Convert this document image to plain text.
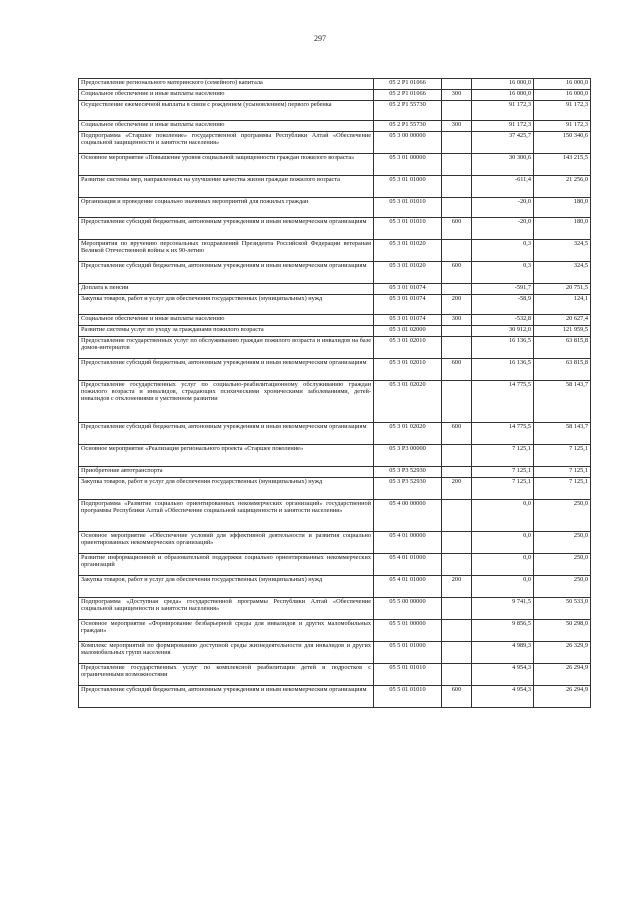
297
Предоставление регионального материнского (семейного) капитала	05 2 Р1 01066		16 000,0	16 000,0
Социальное обеспечение и иные выплаты населению	05 2 Р1 01066	300	16 000,0	16 000,0
Осуществление ежемесячной выплаты в связи с рождением (усыновлением) первого ребенка	05 2 Р1 55730		91 172,3	91 172,3
Социальное обеспечение и иные выплаты населению	05 2 Р1 55730	300	91 172,3	91 172,3
Подпрограмма «Старшее поколение» государственной программы Республики Алтай «Обеспечение социальной защищенности и занятости населения»	05 3 00 00000		37 425,7	150 340,6
Основное мероприятие «Повышение уровня социальной защищенности граждан пожилого возраста»	05 3 01 00000		30 300,6	143 215,5
Развитие системы мер, направленных на улучшение качества жизни граждан пожилого возраста	05 3 01 01000		-611,4	21 256,0
Организация и проведение социально значимых мероприятий для пожилых граждан	05 3 01 01010		-20,0	180,0
Предоставление субсидий бюджетным, автономным учреждениям и иным некоммерческим организациям	05 3 01 01010	600	-20,0	180,0
Мероприятия по вручению персональных поздравлений Президента Российской Федерации ветеранам Великой Отечественной войны к их 90-летию	05 3 01 01020		0,3	324,5
Предоставление субсидий бюджетным, автономным учреждениям и иным некоммерческим организациям	05 3 01 01020	600	0,3	324,5
Доплата к пенсии	05 3 01 01074		-591,7	20 751,5
Закупка товаров, работ и услуг для обеспечения государственных (муниципальных) нужд	05 3 01 01074	200	-58,9	124,1
Социальное обеспечение и иные выплаты населению	05 3 01 01074	300	-532,8	20 627,4
Развитие системы услуг по уходу за гражданами пожилого возраста	05 3 01 02000		30 912,0	121 959,5
Предоставление государственных услуг по обслуживанию граждан пожилого возраста и инвалидов на базе домов-интернатов	05 3 01 02010		16 136,5	63 815,8
Предоставление субсидий бюджетным, автономным учреждениям и иным некоммерческим организациям	05 3 01 02010	600	16 136,5	63 815,8
Предоставление государственных услуг по социально-реабилитационному обслуживанию граждан пожилого возраста и инвалидов, страдающих психическими хроническими заболеваниями, детей-инвалидов с отклонениями в умственном развитии	05 3 01 02020		14 775,5	58 143,7
Предоставление субсидий бюджетным, автономным учреждениям и иным некоммерческим организациям	05 3 01 02020	600	14 775,5	58 143,7
Основное мероприятие «Реализация регионального проекта «Старшее поколение»	05 3 Р3 00000		7 125,1	7 125,1
Приобретение автотранспорта	05 3 Р3 52930		7 125,1	7 125,1
Закупка товаров, работ и услуг для обеспечения государственных (муниципальных) нужд	05 3 Р3 52930	200	7 125,1	7 125,1
Подпрограмма «Развитие социально ориентированных некоммерческих организаций» государственной программы Республики Алтай «Обеспечение социальной защищенности и занятости населения»	05 4 00 00000		0,0	250,0
Основное мероприятие «Обеспечение условий для эффективной деятельности и развития социально ориентированных некоммерческих организаций»	05 4 01 00000		0,0	250,0
Развитие информационной и образовательной поддержки социально ориентированных некоммерческих организаций	05 4 01 01000		0,0	250,0
Закупка товаров, работ и услуг для обеспечения государственных (муниципальных) нужд	05 4 01 01000	200	0,0	250,0
Подпрограмма «Доступная среда» государственной программы Республики Алтай «Обеспечение социальной защищенности и занятости населения»	05 5 00 00000		9 741,5	50 533,0
Основное мероприятие «Формирование безбарьерной среды для инвалидов и других маломобильных граждан»	05 5 01 00000		9 856,5	50 298,0
Комплекс мероприятий по формированию доступной среды жизнедеятельности для инвалидов и других маломобильных групп населения	05 5 01 01000		4 989,3	26 329,9
Предоставление государственных услуг по комплексной реабилитации детей и подростков с ограниченными возможностями	05 5 01 01010		4 954,3	26 294,9
Предоставление субсидий бюджетным, автономным учреждениям и иным некоммерческим организациям	05 5 01 01010	600	4 954,3	26 294,9
